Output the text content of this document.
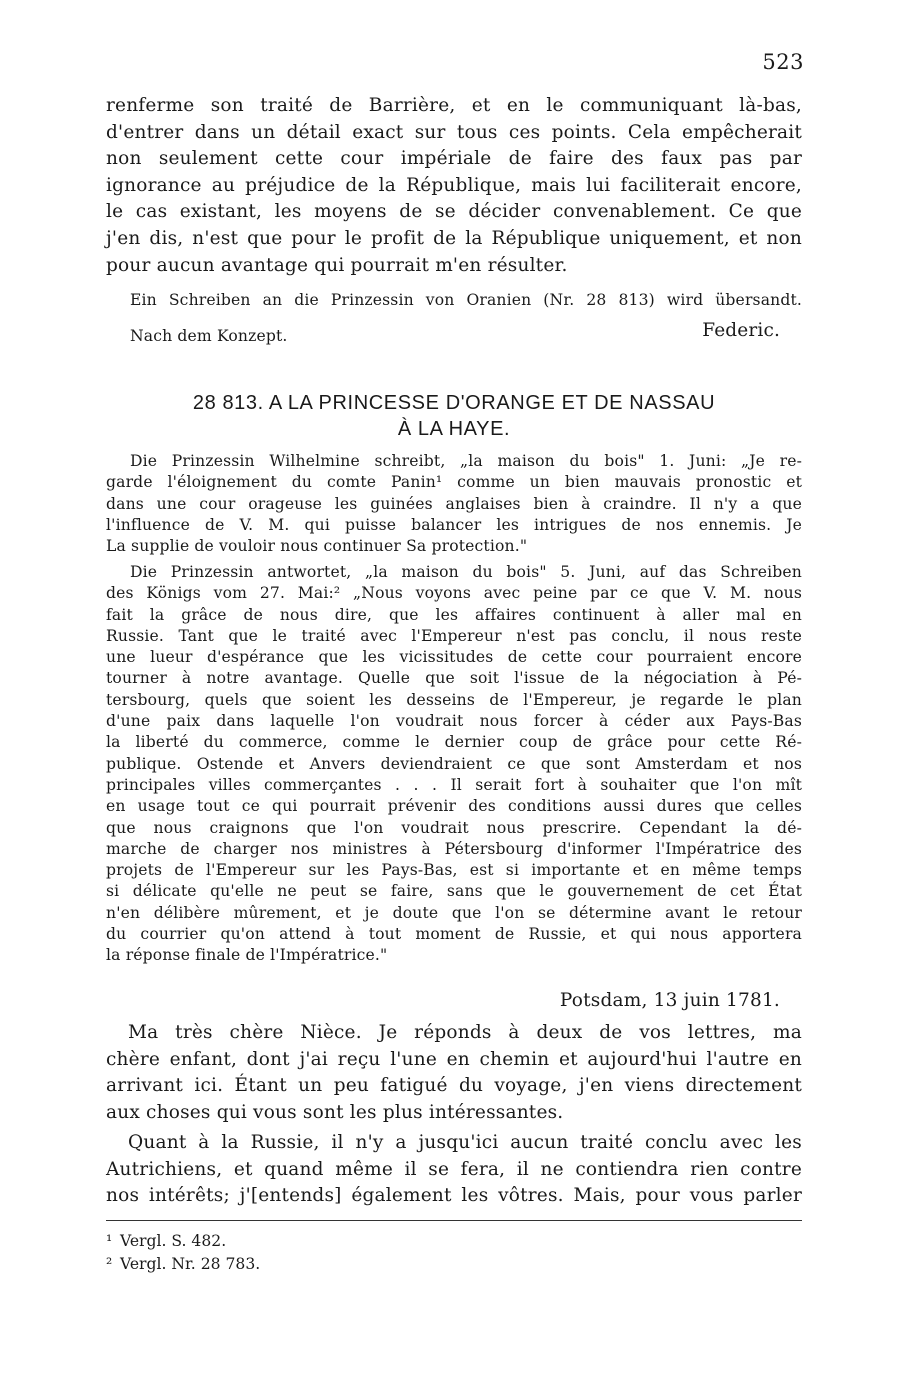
523

renferme son traité de Barrière, et en le communiquant là-bas,

d'entrer dans un détail exact sur tous ces points. Cela empêcherait

non seulement cette cour impériale de faire des faux pas par

ignorance au préjudice de la République, mais lui faciliterait encore,

le cas existant, les moyens de se décider convenablement. Ce que

j'en dis, n'est que pour le profit de la République uniquement, et non

pour aucun avantage qui pourrait m'en résulter.

Ein Schreiben an die Prinzessin von Oranien (Nr. 28 813) wird übersandt.

Nach dem Konzept.	Federic.
28 813. A LA PRINCESSE D'ORANGE ET DE NASSAU
À LA HAYE.

Die Prinzessin Wilhelmine schreibt, „la maison du bois" 1. Juni: „Je re-

garde l'éloignement du comte Panin¹ comme un bien mauvais pronostic et

dans une cour orageuse les guinées anglaises bien à craindre. Il n'y a que

l'influence de V. M. qui puisse balancer les intrigues de nos ennemis. Je

La supplie de vouloir nous continuer Sa protection."

Die Prinzessin antwortet, „la maison du bois" 5. Juni, auf das Schreiben

des Königs vom 27. Mai:² „Nous voyons avec peine par ce que V. M. nous

fait la grâce de nous dire, que les affaires continuent à aller mal en

Russie. Tant que le traité avec l'Empereur n'est pas conclu, il nous reste

une lueur d'espérance que les vicissitudes de cette cour pourraient encore

tourner à notre avantage. Quelle que soit l'issue de la négociation à Pé-

tersbourg, quels que soient les desseins de l'Empereur, je regarde le plan

d'une paix dans laquelle l'on voudrait nous forcer à céder aux Pays-Bas

la liberté du commerce, comme le dernier coup de grâce pour cette Ré-

publique. Ostende et Anvers deviendraient ce que sont Amsterdam et nos

principales villes commerçantes . . . Il serait fort à souhaiter que l'on mît

en usage tout ce qui pourrait prévenir des conditions aussi dures que celles

que nous craignons que l'on voudrait nous prescrire. Cependant la dé-

marche de charger nos ministres à Pétersbourg d'informer l'Impératrice des

projets de l'Empereur sur les Pays-Bas, est si importante et en même temps

si délicate qu'elle ne peut se faire, sans que le gouvernement de cet État

n'en délibère mûrement, et je doute que l'on se détermine avant le retour

du courrier qu'on attend à tout moment de Russie, et qui nous apportera

la réponse finale de l'Impératrice."

Potsdam, 13 juin 1781.

Ma très chère Nièce. Je réponds à deux de vos lettres, ma

chère enfant, dont j'ai reçu l'une en chemin et aujourd'hui l'autre en

arrivant ici. Étant un peu fatigué du voyage, j'en viens directement

aux choses qui vous sont les plus intéressantes.

Quant à la Russie, il n'y a jusqu'ici aucun traité conclu avec les

Autrichiens, et quand même il se fera, il ne contiendra rien contre

nos intérêts; j'[entends] également les vôtres. Mais, pour vous parler

¹ Vergl. S. 482.
² Vergl. Nr. 28 783.
